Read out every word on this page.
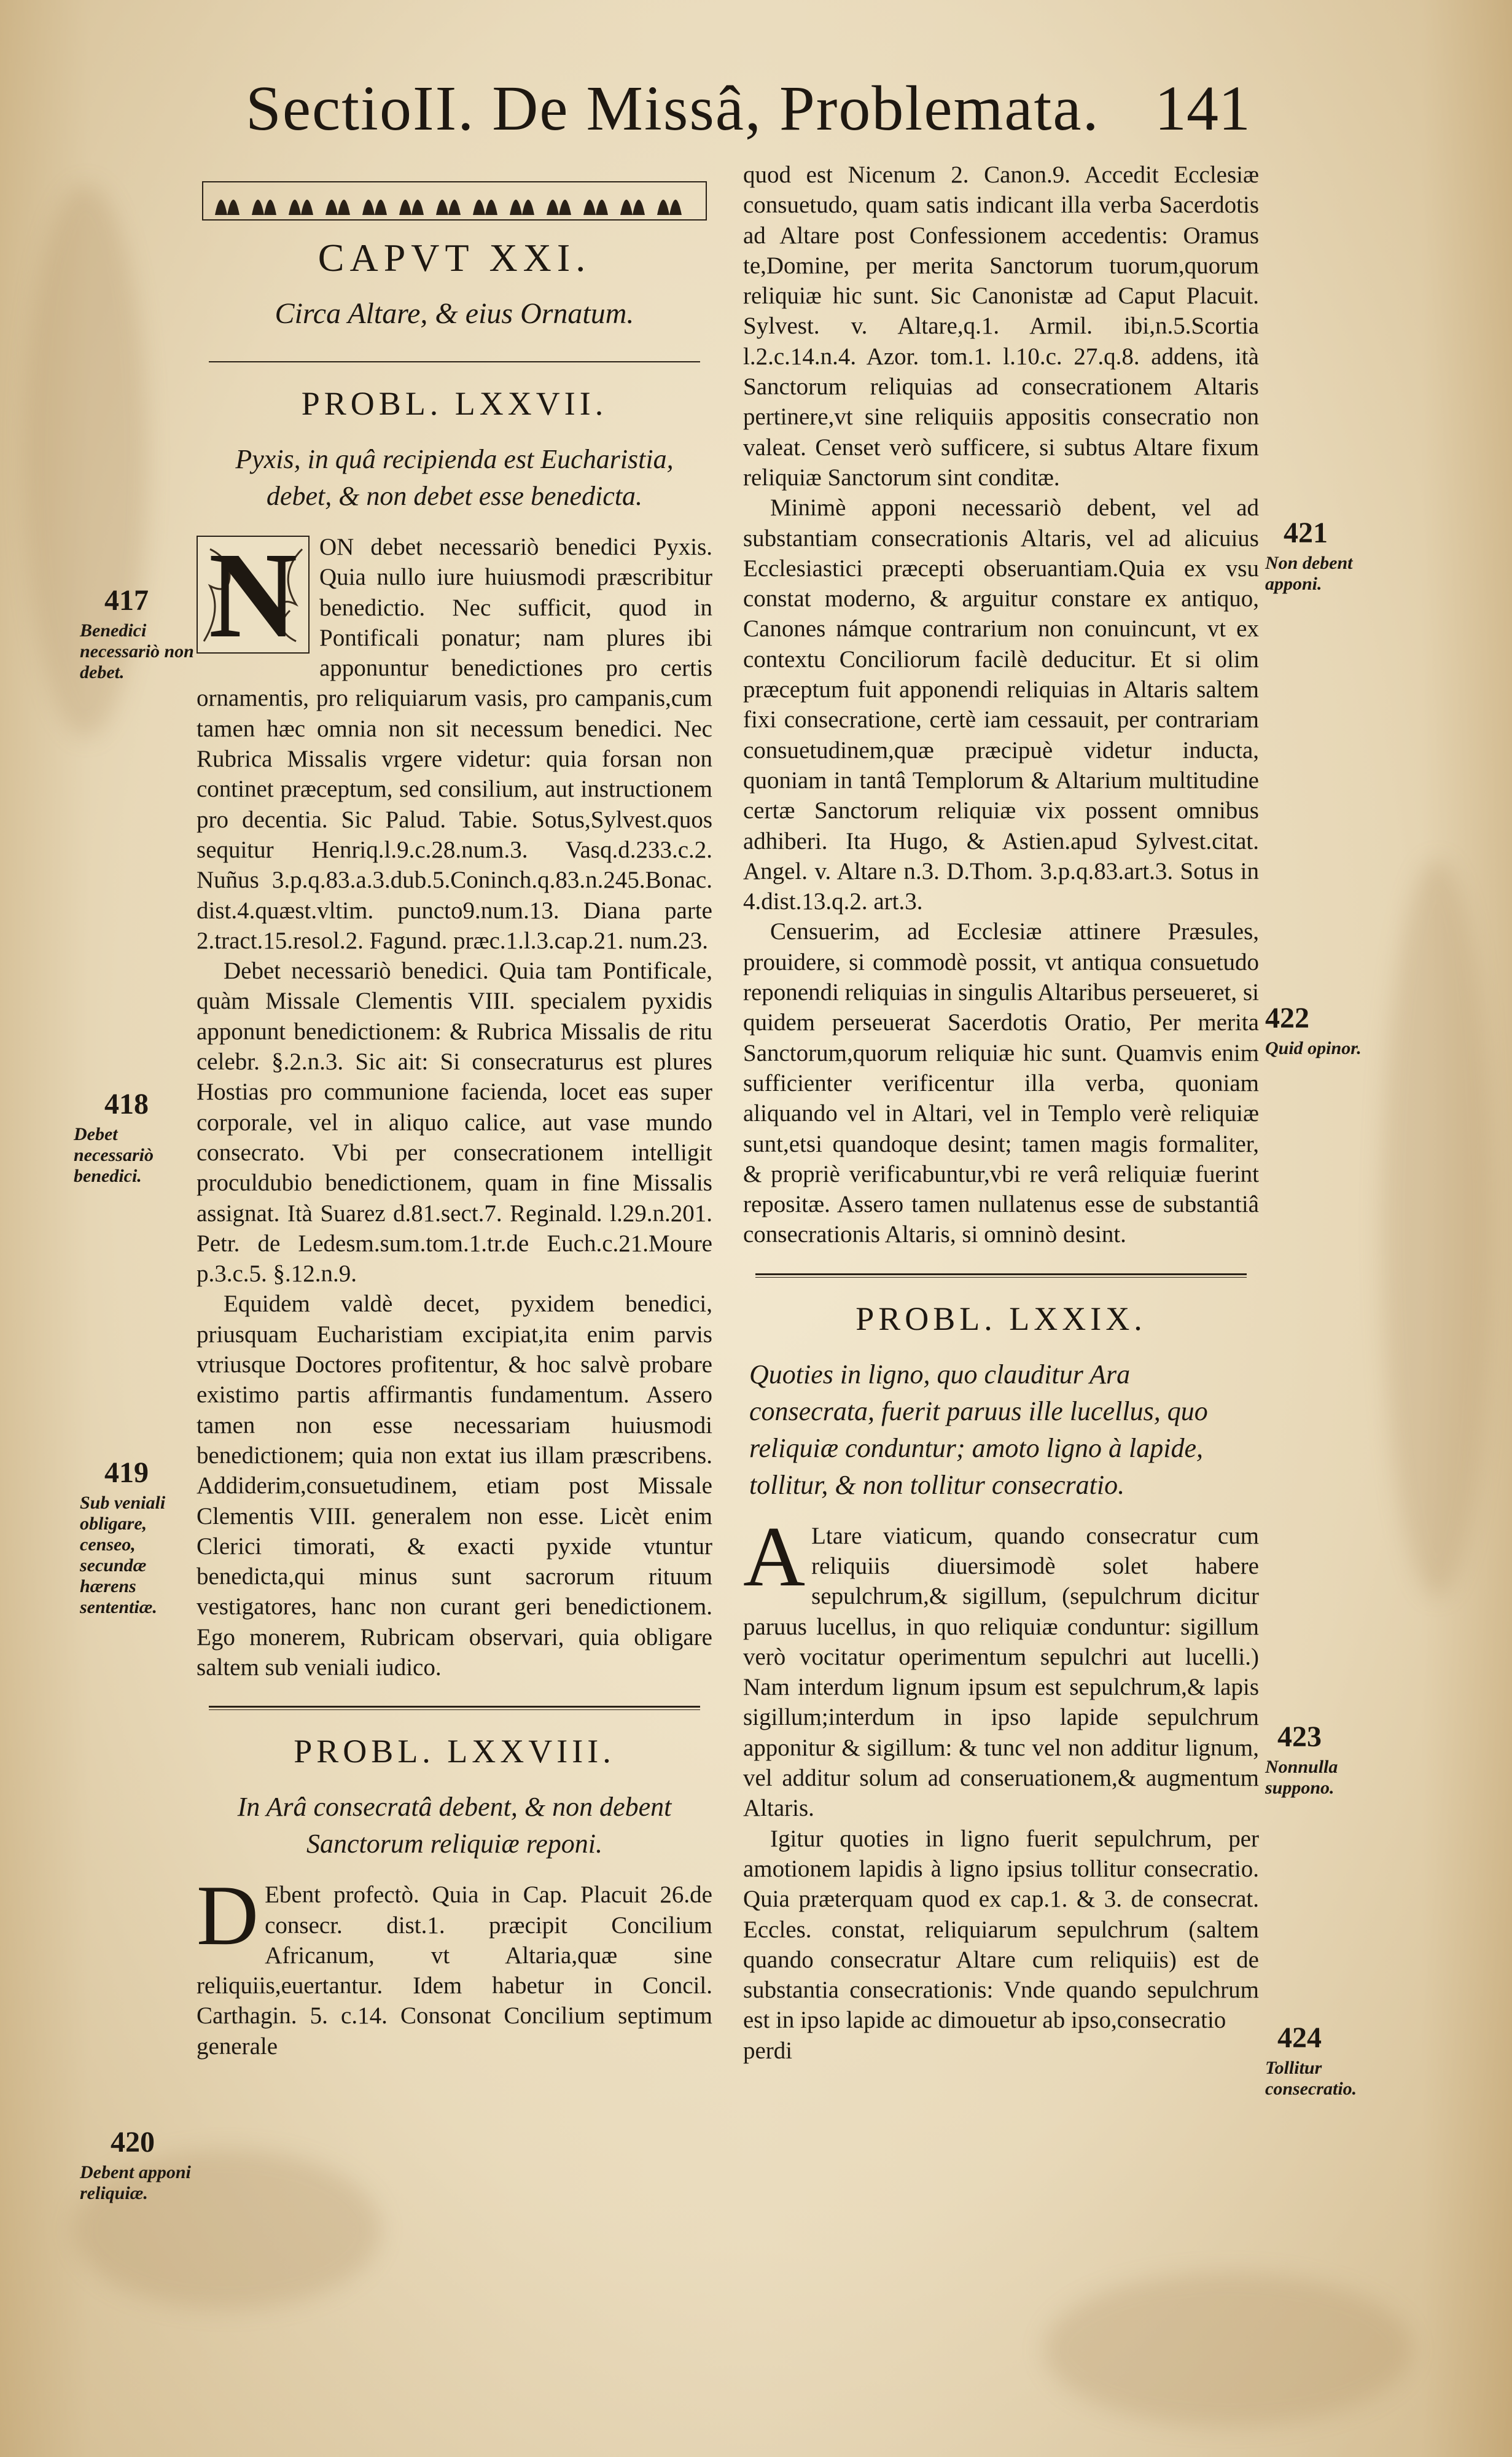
SectioII. De Missâ, Problemata. 141
CAPVT XXI.
Circa Altare, & eius Ornatum.
PROBL. LXXVII.
Pyxis, in quâ recipienda est Eucharistia, debet, & non debet esse benedicta.
N ON debet necessariò benedici Pyxis. Quia nullo iure huiusmodi præscribitur benedictio. Nec sufficit, quod in Pontificali ponatur; nam plures ibi apponuntur benedictiones pro certis ornamentis, pro reliquiarum vasis, pro campanis,cum tamen hæc omnia non sit necessum benedici. Nec Rubrica Missalis vrgere videtur: quia forsan non continet præceptum, sed consilium, aut instructionem pro decentia. Sic Palud. Tabie. Sotus,Sylvest.quos sequitur Henriq.l.9.c.28.num.3. Vasq.d.233.c.2. Nuñus 3.p.q.83.a.3.dub.5.Coninch.q.83.n.245.Bonac. dist.4.quæst.vltim. puncto9.num.13. Diana parte 2.tract.15.resol.2. Fagund. præc.1.l.3.cap.21. num.23.

Debet necessariò benedici. Quia tam Pontificale, quàm Missale Clementis VIII. specialem pyxidis apponunt benedictionem: & Rubrica Missalis de ritu celebr. §.2.n.3. Sic ait: Si consecraturus est plures Hostias pro communione facienda, locet eas super corporale, vel in aliquo calice, aut vase mundo consecrato. Vbi per consecrationem intelligit proculdubio benedictionem, quam in fine Missalis assignat. Ità Suarez d.81.sect.7. Reginald. l.29.n.201. Petr. de Ledesm.sum.tom.1.tr.de Euch.c.21.Moure p.3.c.5. §.12.n.9.

Equidem valdè decet, pyxidem benedici, priusquam Eucharistiam excipiat,ita enim parvis vtriusque Doctores profitentur, & hoc salvè probare existimo partis affirmantis fundamentum. Assero tamen non esse necessariam huiusmodi benedictionem; quia non extat ius illam præscribens. Addiderim,consuetudinem, etiam post Missale Clementis VIII. generalem non esse. Licèt enim Clerici timorati, & exacti pyxide vtuntur benedicta,qui minus sunt sacrorum rituum vestigatores, hanc non curant geri benedictionem. Ego monerem, Rubricam observari, quia obligare saltem sub veniali iudico.

PROBL. LXXVIII.
In Arâ consecratâ debent, & non debent Sanctorum reliquiæ reponi.
D Ebent profectò. Quia in Cap. Placuit 26.de consecr. dist.1. præcipit Concilium Africanum, vt Altaria,quæ sine reliquiis,euertantur. Idem habetur in Concil. Carthagin. 5. c.14. Consonat Concilium septimum generale

quod est Nicenum 2. Canon.9. Accedit Ecclesiæ consuetudo, quam satis indicant illa verba Sacerdotis ad Altare post Confessionem accedentis: Oramus te,Domine, per merita Sanctorum tuorum,quorum reliquiæ hic sunt. Sic Canonistæ ad Caput Placuit. Sylvest. v. Altare,q.1. Armil. ibi,n.5.Scortia l.2.c.14.n.4. Azor. tom.1. l.10.c. 27.q.8. addens, ità Sanctorum reliquias ad consecrationem Altaris pertinere,vt sine reliquiis appositis consecratio non valeat. Censet verò sufficere, si subtus Altare fixum reliquiæ Sanctorum sint conditæ.

Minimè apponi necessariò debent, vel ad substantiam consecrationis Altaris, vel ad alicuius Ecclesiastici præcepti obseruantiam.Quia ex vsu constat moderno, & arguitur constare ex antiquo, Canones námque contrarium non conuincunt, vt ex contextu Conciliorum facilè deducitur. Et si olim præceptum fuit apponendi reliquias in Altaris saltem fixi consecratione, certè iam cessauit, per contrariam consuetudinem,quæ præcipuè videtur inducta, quoniam in tantâ Templorum & Altarium multitudine certæ Sanctorum reliquiæ vix possent omnibus adhiberi. Ita Hugo, & Astien.apud Sylvest.citat. Angel. v. Altare n.3. D.Thom. 3.p.q.83.art.3. Sotus in 4.dist.13.q.2. art.3.

Censuerim, ad Ecclesiæ attinere Præsules, prouidere, si commodè possit, vt antiqua consuetudo reponendi reliquias in singulis Altaribus perseueret, si quidem perseuerat Sacerdotis Oratio, Per merita Sanctorum,quorum reliquiæ hic sunt. Quamvis enim sufficienter verificentur illa verba, quoniam aliquando vel in Altari, vel in Templo verè reliquiæ sunt,etsi quandoque desint; tamen magis formaliter, & propriè verificabuntur,vbi re verâ reliquiæ fuerint repositæ. Assero tamen nullatenus esse de substantiâ consecrationis Altaris, si omninò desint.

PROBL. LXXIX.
Quoties in ligno, quo clauditur Ara consecrata, fuerit paruus ille lucellus, quo reliquiæ conduntur; amoto ligno à lapide, tollitur, & non tollitur consecratio.
A Ltare viaticum, quando consecratur cum reliquiis diuersimodè solet habere sepulchrum,& sigillum, (sepulchrum dicitur paruus lucellus, in quo reliquiæ conduntur: sigillum verò vocitatur operimentum sepulchri aut lucelli.) Nam interdum lignum ipsum est sepulchrum,& lapis sigillum;interdum in ipso lapide sepulchrum apponitur & sigillum: & tunc vel non additur lignum, vel additur solum ad conseruationem,& augmentum Altaris.

Igitur quoties in ligno fuerit sepulchrum, per amotionem lapidis à ligno ipsius tollitur consecratio. Quia præterquam quod ex cap.1. & 3. de consecrat. Eccles. constat, reliquiarum sepulchrum (saltem quando consecratur Altare cum reliquiis) est de substantia consecrationis: Vnde quando sepulchrum est in ipso lapide ac dimouetur ab ipso,consecratio

perdi

417
Benedici necessariò non debet.
418
Debet necessariò benedici.
419
Sub veniali obligare, censeo, secundæ hærens sententiæ.
420
Debent apponi reliquiæ.
421
Non debent apponi.
422
Quid opinor.
423
Nonnulla suppono.
424
Tollitur consecratio.
